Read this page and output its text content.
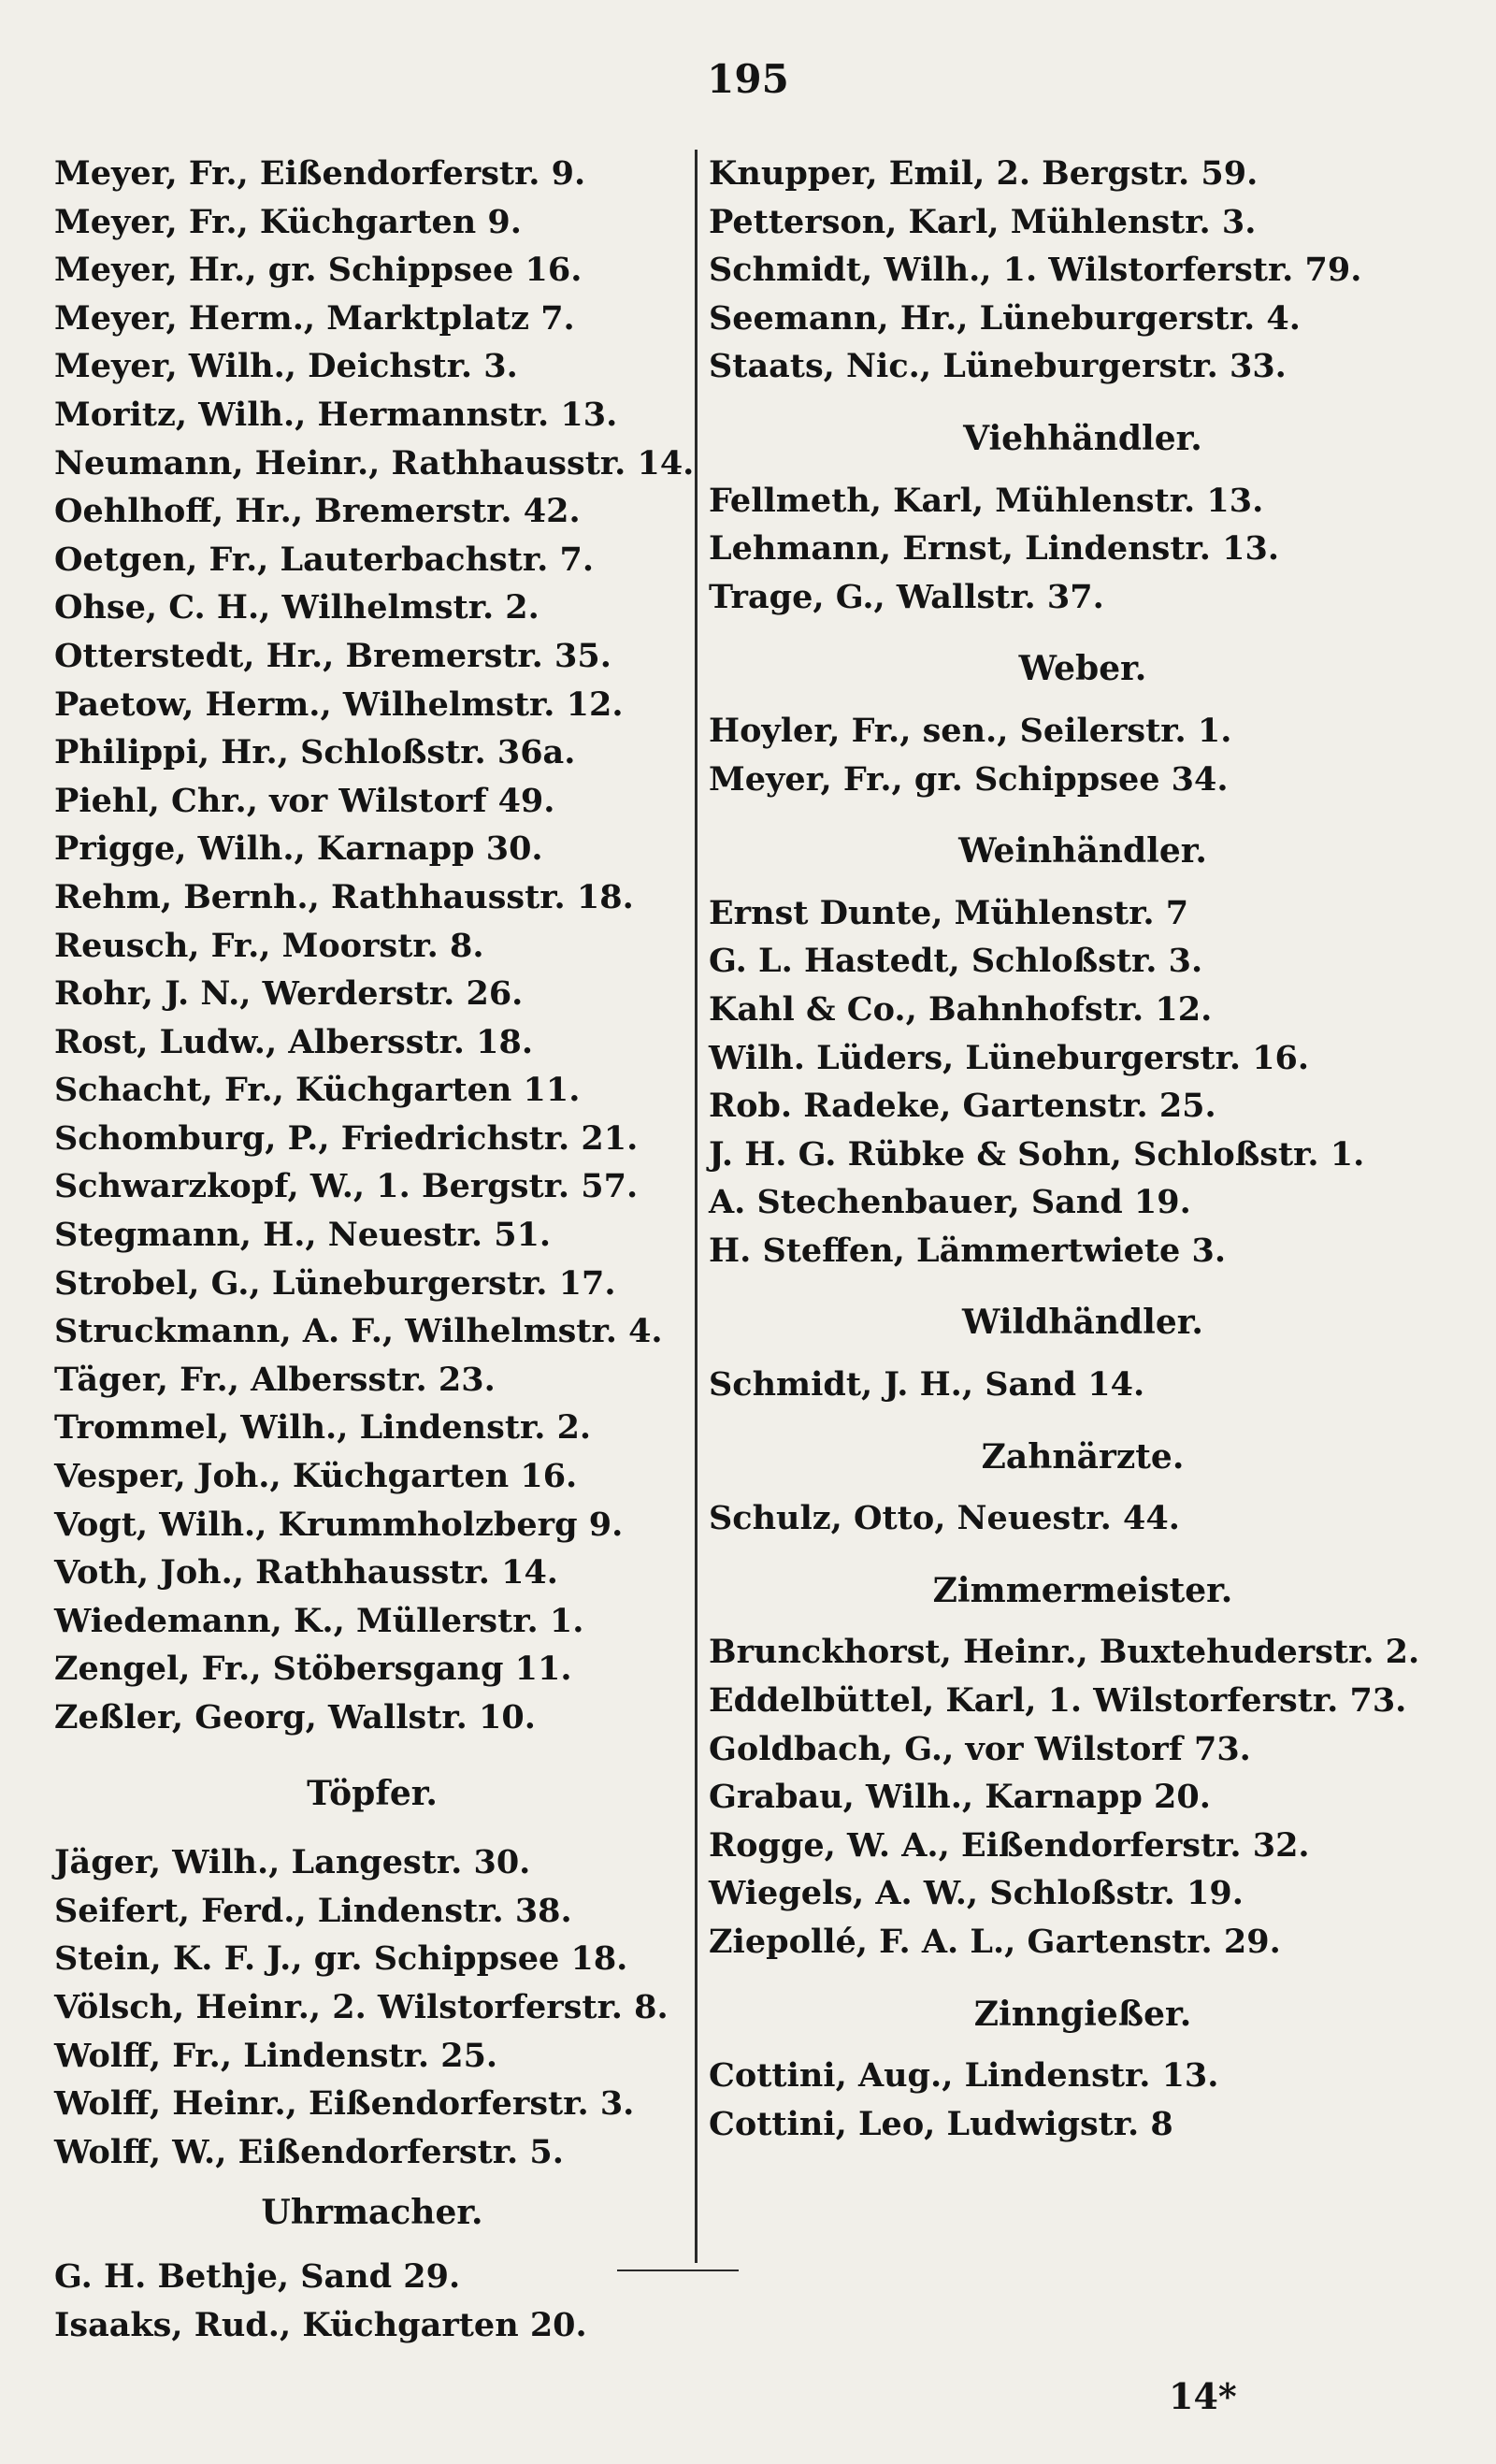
195
Meyer, Fr., Eißendorferstr. 9.
Meyer, Fr., Küchgarten 9.
Meyer, Hr., gr. Schippsee 16.
Meyer, Herm., Marktplatz 7.
Meyer, Wilh., Deichstr. 3.
Moritz, Wilh., Hermannstr. 13.
Neumann, Heinr., Rathhausstr. 14.
Oehlhoff, Hr., Bremerstr. 42.
Oetgen, Fr., Lauterbachstr. 7.
Ohse, C. H., Wilhelmstr. 2.
Otterstedt, Hr., Bremerstr. 35.
Paetow, Herm., Wilhelmstr. 12.
Philippi, Hr., Schloßstr. 36a.
Piehl, Chr., vor Wilstorf 49.
Prigge, Wilh., Karnapp 30.
Rehm, Bernh., Rathhausstr. 18.
Reusch, Fr., Moorstr. 8.
Rohr, J. N., Werderstr. 26.
Rost, Ludw., Albersstr. 18.
Schacht, Fr., Küchgarten 11.
Schomburg, P., Friedrichstr. 21.
Schwarzkopf, W., 1. Bergstr. 57.
Stegmann, H., Neuestr. 51.
Strobel, G., Lüneburgerstr. 17.
Struckmann, A. F., Wilhelmstr. 4.
Täger, Fr., Albersstr. 23.
Trommel, Wilh., Lindenstr. 2.
Vesper, Joh., Küchgarten 16.
Vogt, Wilh., Krummholzberg 9.
Voth, Joh., Rathhausstr. 14.
Wiedemann, K., Müllerstr. 1.
Zengel, Fr., Stöbersgang 11.
Zeßler, Georg, Wallstr. 10.
Töpfer.
Jäger, Wilh., Langestr. 30.
Seifert, Ferd., Lindenstr. 38.
Stein, K. F. J., gr. Schippsee 18.
Völsch, Heinr., 2. Wilstorferstr. 8.
Wolff, Fr., Lindenstr. 25.
Wolff, Heinr., Eißendorferstr. 3.
Wolff, W., Eißendorferstr. 5.
Uhrmacher.
G. H. Bethje, Sand 29.
Isaaks, Rud., Küchgarten 20.
Knupper, Emil, 2. Bergstr. 59.
Petterson, Karl, Mühlenstr. 3.
Schmidt, Wilh., 1. Wilstorferstr. 79.
Seemann, Hr., Lüneburgerstr. 4.
Staats, Nic., Lüneburgerstr. 33.
Viehhändler.
Fellmeth, Karl, Mühlenstr. 13.
Lehmann, Ernst, Lindenstr. 13.
Trage, G., Wallstr. 37.
Weber.
Hoyler, Fr., sen., Seilerstr. 1.
Meyer, Fr., gr. Schippsee 34.
Weinhändler.
Ernst Dunte, Mühlenstr. 7
G. L. Hastedt, Schloßstr. 3.
Kahl & Co., Bahnhofstr. 12.
Wilh. Lüders, Lüneburgerstr. 16.
Rob. Radeke, Gartenstr. 25.
J. H. G. Rübke & Sohn, Schloßstr. 1.
A. Stechenbauer, Sand 19.
H. Steffen, Lämmertwiete 3.
Wildhändler.
Schmidt, J. H., Sand 14.
Zahnärzte.
Schulz, Otto, Neuestr. 44.
Zimmermeister.
Brunckhorst, Heinr., Buxtehuderstr. 2.
Eddelbüttel, Karl, 1. Wilstorferstr. 73.
Goldbach, G., vor Wilstorf 73.
Grabau, Wilh., Karnapp 20.
Rogge, W. A., Eißendorferstr. 32.
Wiegels, A. W., Schloßstr. 19.
Ziepollé, F. A. L., Gartenstr. 29.
Zinngießer.
Cottini, Aug., Lindenstr. 13.
Cottini, Leo, Ludwigstr. 8
14*
